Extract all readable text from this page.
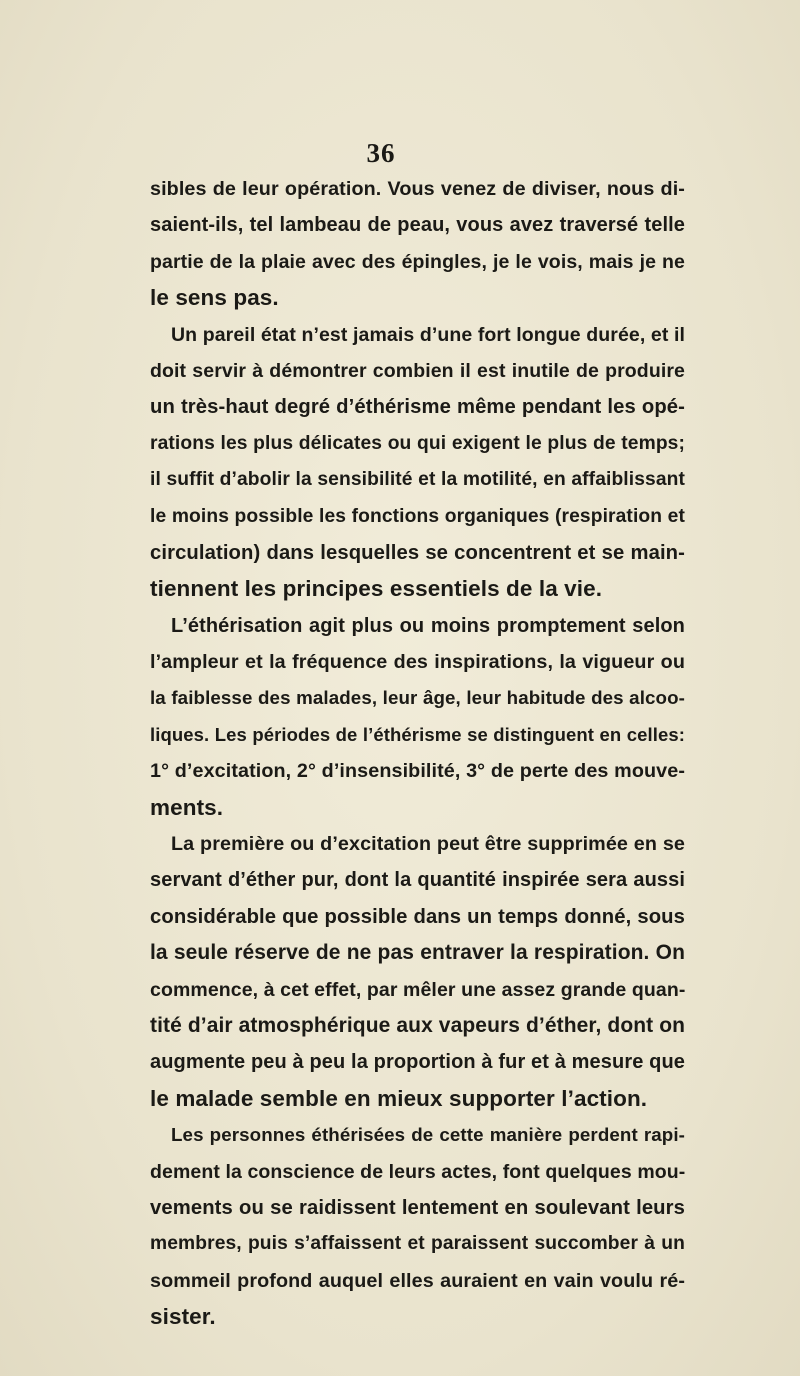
36
sibles de leur opération. Vous venez de diviser, nous di-
saient-ils, tel lambeau de peau, vous avez traversé telle
partie de la plaie avec des épingles, je le vois, mais je ne
le sens pas.
Un pareil état n’est jamais d’une fort longue durée, et il
doit servir à démontrer combien il est inutile de produire
un très-haut degré d’éthérisme même pendant les opé-
rations les plus délicates ou qui exigent le plus de temps;
il suffit d’abolir la sensibilité et la motilité, en affaiblissant
le moins possible les fonctions organiques (respiration et
circulation) dans lesquelles se concentrent et se main-
tiennent les principes essentiels de la vie.
L’éthérisation agit plus ou moins promptement selon
l’ampleur et la fréquence des inspirations, la vigueur ou
la faiblesse des malades, leur âge, leur habitude des alcoo-
liques. Les périodes de l’éthérisme se distinguent en celles:
1° d’excitation, 2° d’insensibilité, 3° de perte des mouve-
ments.
La première ou d’excitation peut être supprimée en se
servant d’éther pur, dont la quantité inspirée sera aussi
considérable que possible dans un temps donné, sous
la seule réserve de ne pas entraver la respiration. On
commence, à cet effet, par mêler une assez grande quan-
tité d’air atmosphérique aux vapeurs d’éther, dont on
augmente peu à peu la proportion à fur et à mesure que
le malade semble en mieux supporter l’action.
Les personnes éthérisées de cette manière perdent rapi-
dement la conscience de leurs actes, font quelques mou-
vements ou se raidissent lentement en soulevant leurs
membres, puis s’affaissent et paraissent succomber à un
sommeil profond auquel elles auraient en vain voulu ré-
sister.
